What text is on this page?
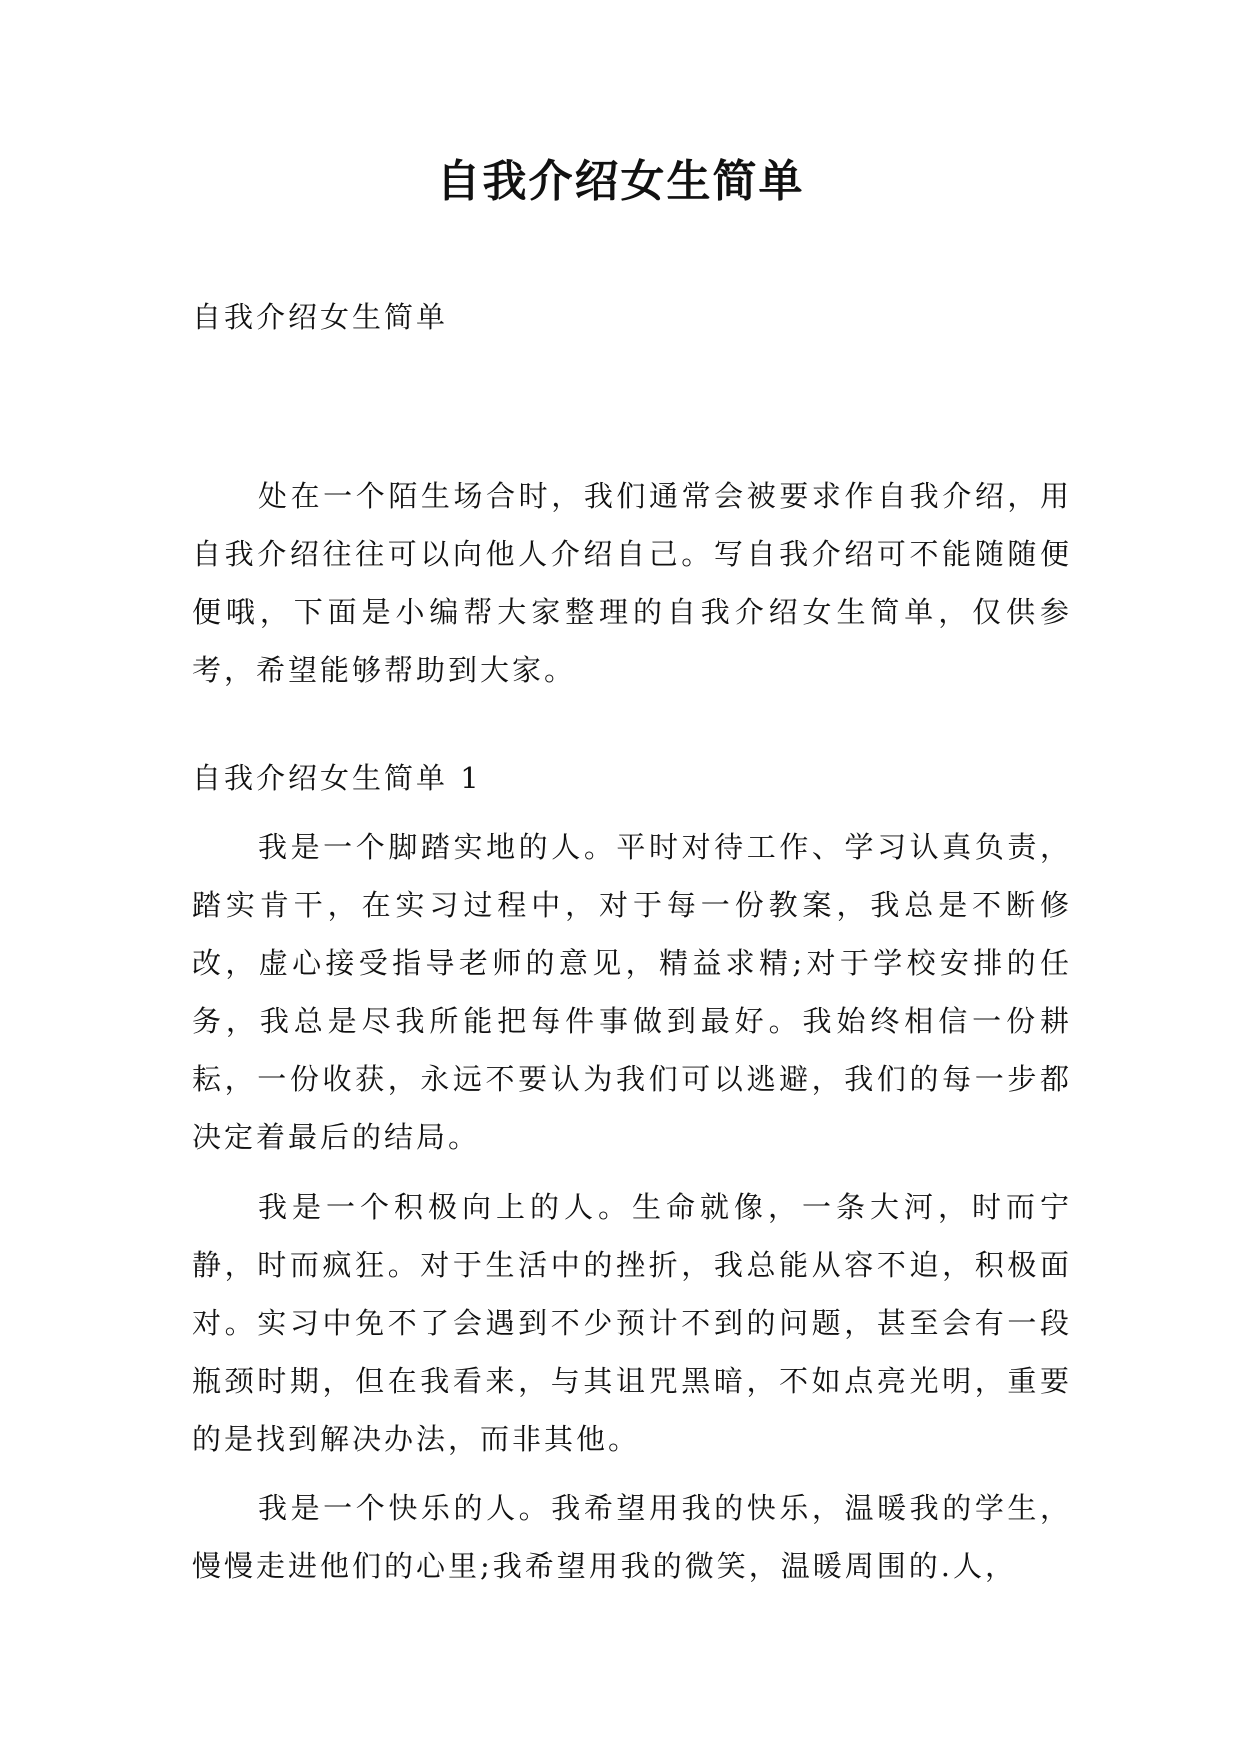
自我介绍女生简单
自我介绍女生简单
处在一个陌生场合时，我们通常会被要求作自我介绍，用自我介绍往往可以向他人介绍自己。写自我介绍可不能随随便便哦，下面是小编帮大家整理的自我介绍女生简单，仅供参考，希望能够帮助到大家。
自我介绍女生简单 1
我是一个脚踏实地的人。平时对待工作、学习认真负责，踏实肯干，在实习过程中，对于每一份教案，我总是不断修改，虚心接受指导老师的意见，精益求精;对于学校安排的任务，我总是尽我所能把每件事做到最好。我始终相信一份耕耘，一份收获，永远不要认为我们可以逃避，我们的每一步都决定着最后的结局。
我是一个积极向上的人。生命就像，一条大河，时而宁静，时而疯狂。对于生活中的挫折，我总能从容不迫，积极面对。实习中免不了会遇到不少预计不到的问题，甚至会有一段瓶颈时期，但在我看来，与其诅咒黑暗，不如点亮光明，重要的是找到解决办法，而非其他。
我是一个快乐的人。我希望用我的快乐，温暖我的学生，慢慢走进他们的心里;我希望用我的微笑，温暖周围的.人，
